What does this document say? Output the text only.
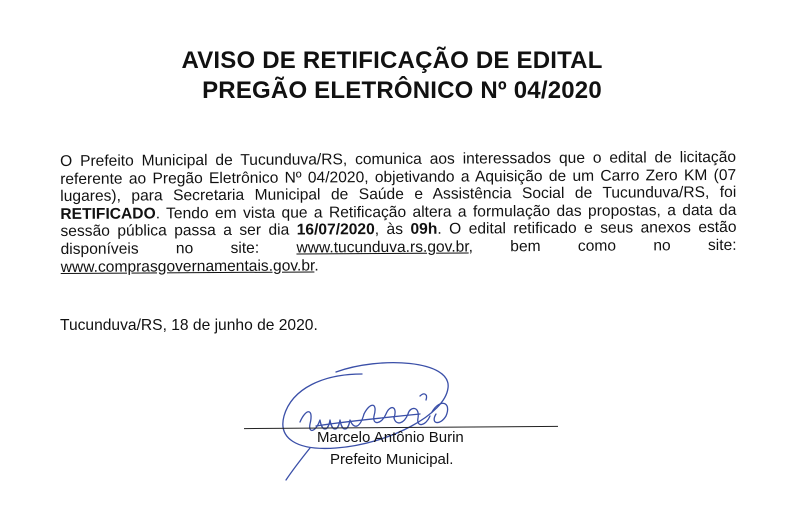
AVISO DE RETIFICAÇÃO DE EDITAL
PREGÃO ELETRÔNICO Nº 04/2020
O Prefeito Municipal de Tucunduva/RS, comunica aos interessados que o edital de licitação referente ao Pregão Eletrônico Nº 04/2020, objetivando a Aquisição de um Carro Zero KM (07 lugares), para Secretaria Municipal de Saúde e Assistência Social de Tucunduva/RS, foi RETIFICADO. Tendo em vista que a Retificação altera a formulação das propostas, a data da sessão pública passa a ser dia 16/07/2020, às 09h. O edital retificado e seus anexos estão disponíveis no site: www.tucunduva.rs.gov.br, bem como no site: www.comprasgovernamentais.gov.br.
Tucunduva/RS, 18 de junho de 2020.
Marcelo Antônio Burin
Prefeito Municipal.
